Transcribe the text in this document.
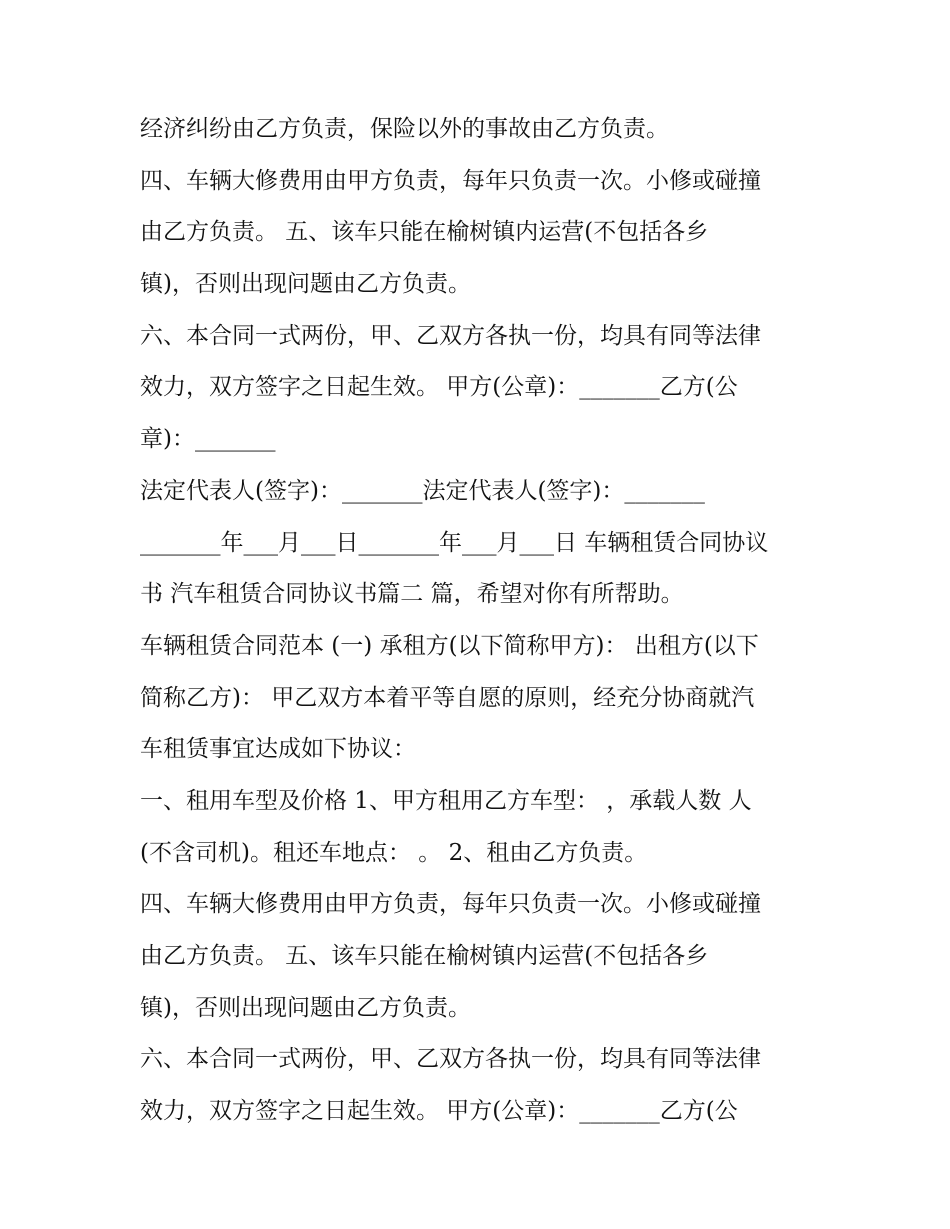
经济纠纷由乙方负责，保险以外的事故由乙方负责。
四、车辆大修费用由甲方负责，每年只负责一次。小修或碰撞
由乙方负责。 五、该车只能在榆树镇内运营(不包括各乡
镇)，否则出现问题由乙方负责。
六、本合同一式两份，甲、乙双方各执一份，均具有同等法律
效力，双方签字之日起生效。 甲方(公章)：_______乙方(公
章)：_______
法定代表人(签字)：_______法定代表人(签字)：_______
_______年___月___日_______年___月___日 车辆租赁合同协议
书 汽车租赁合同协议书篇二 篇，希望对你有所帮助。
车辆租赁合同范本 (一) 承租方(以下简称甲方)： 出租方(以下
简称乙方)： 甲乙双方本着平等自愿的原则，经充分协商就汽
车租赁事宜达成如下协议：
一、租用车型及价格 1、甲方租用乙方车型： ，承载人数 人
(不含司机)。租还车地点： 。 2、租由乙方负责。
四、车辆大修费用由甲方负责，每年只负责一次。小修或碰撞
由乙方负责。 五、该车只能在榆树镇内运营(不包括各乡
镇)，否则出现问题由乙方负责。
六、本合同一式两份，甲、乙双方各执一份，均具有同等法律
效力，双方签字之日起生效。 甲方(公章)：_______乙方(公
